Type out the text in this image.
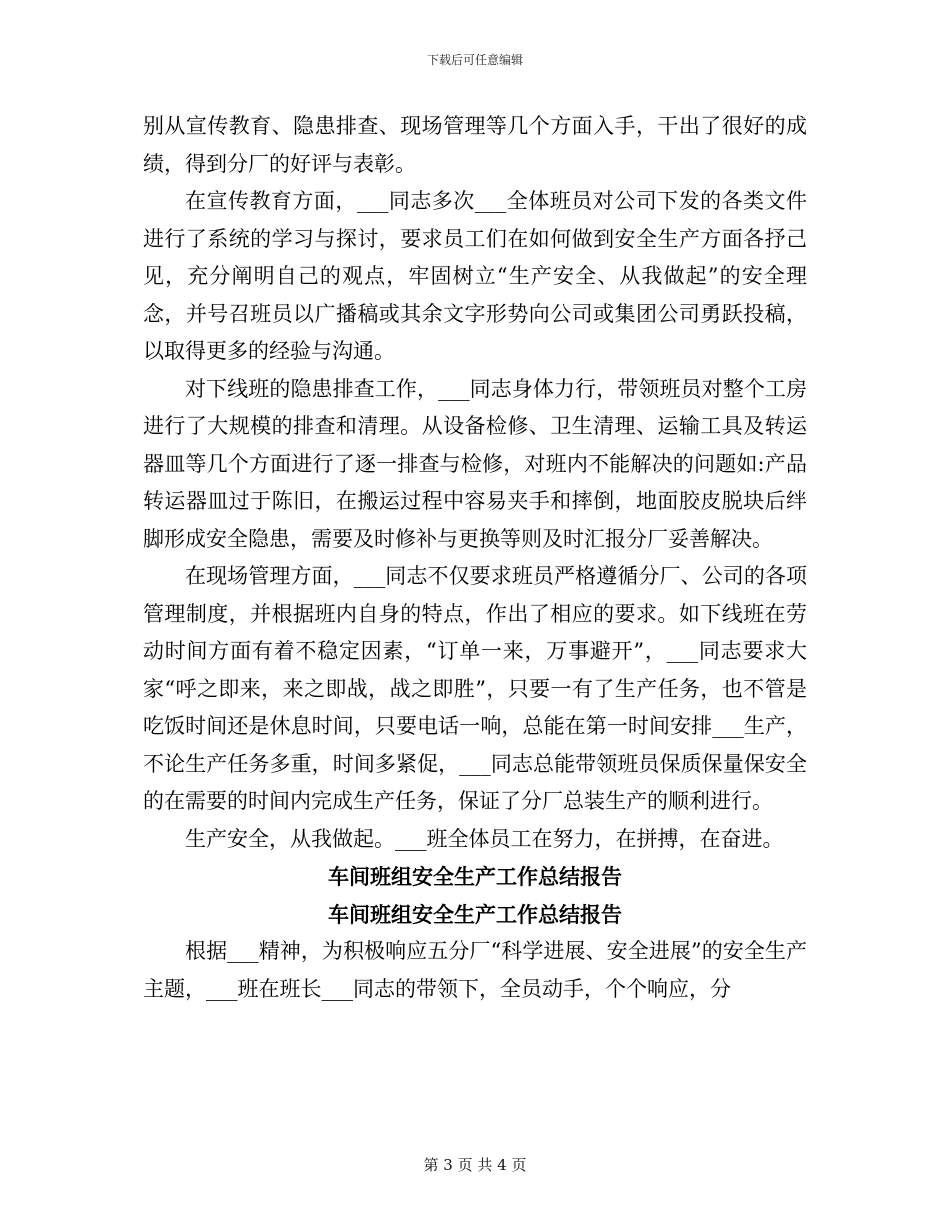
下载后可任意编辑

别从宣传教育、隐患排查、现场管理等几个方面入手，干出了很好的成绩，得到分厂的好评与表彰。

在宣传教育方面，___同志多次___全体班员对公司下发的各类文件进行了系统的学习与探讨，要求员工们在如何做到安全生产方面各抒己见，充分阐明自己的观点，牢固树立“生产安全、从我做起”的安全理念，并号召班员以广播稿或其余文字形势向公司或集团公司勇跃投稿，以取得更多的经验与沟通。

对下线班的隐患排查工作，___同志身体力行，带领班员对整个工房进行了大规模的排查和清理。从设备检修、卫生清理、运输工具及转运器皿等几个方面进行了逐一排查与检修，对班内不能解决的问题如:产品转运器皿过于陈旧，在搬运过程中容易夹手和摔倒，地面胶皮脱块后绊脚形成安全隐患，需要及时修补与更换等则及时汇报分厂妥善解决。

在现场管理方面，___同志不仅要求班员严格遵循分厂、公司的各项管理制度，并根据班内自身的特点，作出了相应的要求。如下线班在劳动时间方面有着不稳定因素，“订单一来，万事避开”，___同志要求大家“呼之即来，来之即战，战之即胜”，只要一有了生产任务，也不管是吃饭时间还是休息时间，只要电话一响，总能在第一时间安排___生产，不论生产任务多重，时间多紧促，___同志总能带领班员保质保量保安全的在需要的时间内完成生产任务，保证了分厂总装生产的顺利进行。

生产安全，从我做起。___班全体员工在努力，在拼搏，在奋进。

车间班组安全生产工作总结报告

车间班组安全生产工作总结报告

根据___精神，为积极响应五分厂“科学进展、安全进展”的安全生产主题，___班在班长___同志的带领下，全员动手，个个响应，分

第 3 页 共 4 页
